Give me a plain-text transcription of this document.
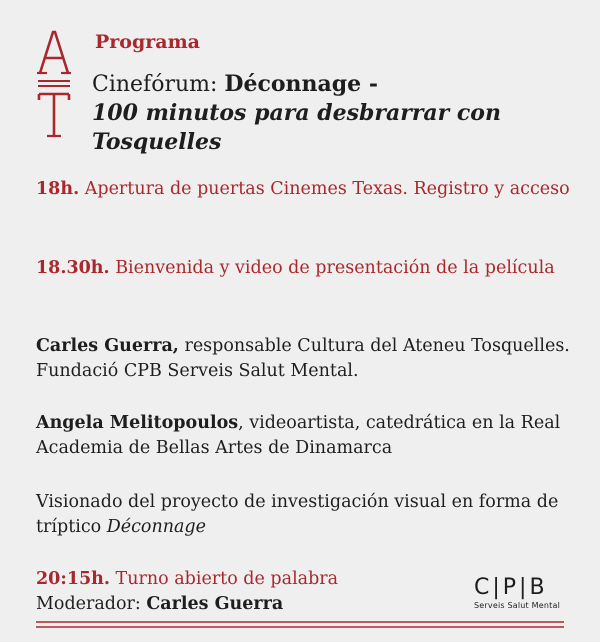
Programa
Cinefórum: Déconnage -
100 minutos para desbrarrar con
Tosquelles
18h. Apertura de puertas Cinemes Texas. Registro y acceso
18.30h. Bienvenida y video de presentación de la película
Carles Guerra, responsable Cultura del Ateneu Tosquelles. Fundació CPB Serveis Salut Mental.
Angela Melitopoulos, videoartista, catedrática en la Real Academia de Bellas Artes de Dinamarca
Visionado del proyecto de investigación visual en forma de tríptico Déconnage
20:15h. Turno abierto de palabra
Moderador: Carles Guerra
C|P|B
Serveis Salut Mental
